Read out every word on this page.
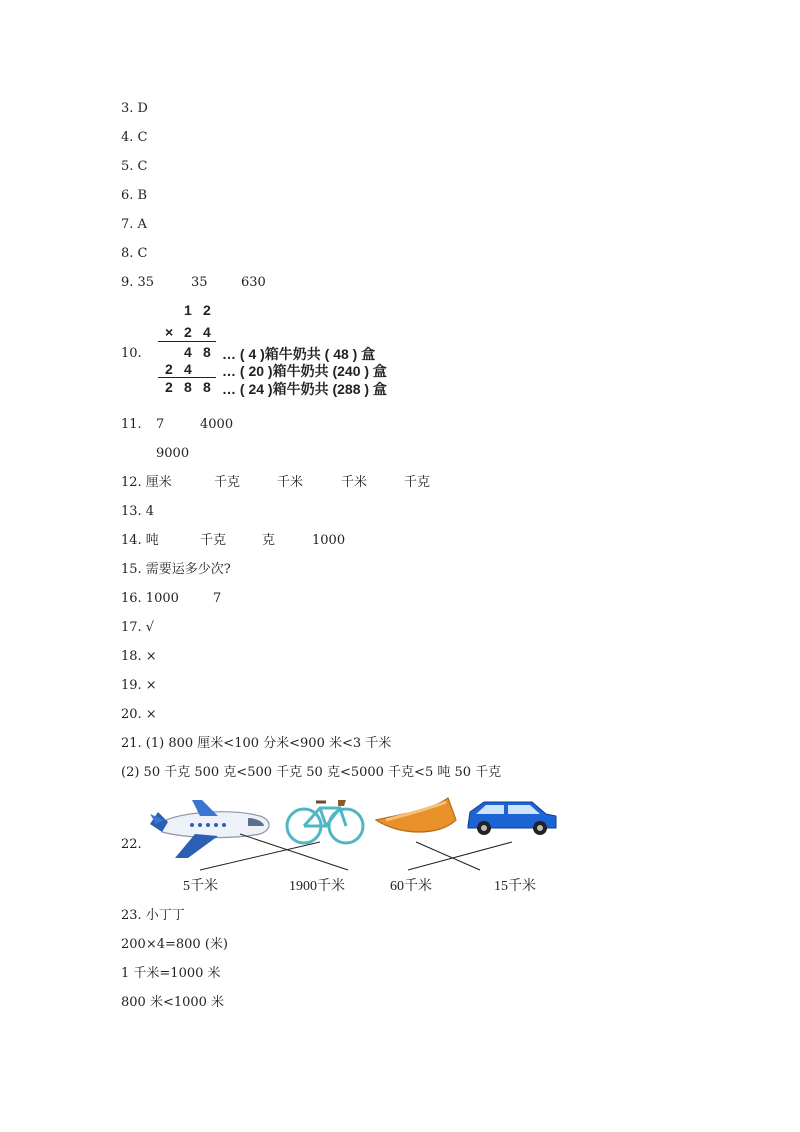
3. D
4. C
5. C
6. B
7. A
8. C
9. 35	35	630
10.
1 2
× 2 4
4 8 … ( 4 )箱牛奶共 ( 48 ) 盒
2 4 … ( 20 )箱牛奶共 (240 ) 盒
2 8 8 … ( 24 )箱牛奶共 (288 ) 盒
11. 7	4000
9000
12. 厘米	千克	千米	千米	千克
13. 4
14. 吨	千克	克	1000
15. 需要运多少次?
16. 1000	7
17. √
18. ×
19. ×
20. ×
21. (1) 800 厘米<100 分米<900 米<3 千米
(2) 50 千克 500 克<500 千克 50 克<5000 千克<5 吨 50 千克
22.
5千米	1900千米	60千米	15千米
23. 小丁丁
200×4=800 (米)
1 千米=1000 米
800 米<1000 米
